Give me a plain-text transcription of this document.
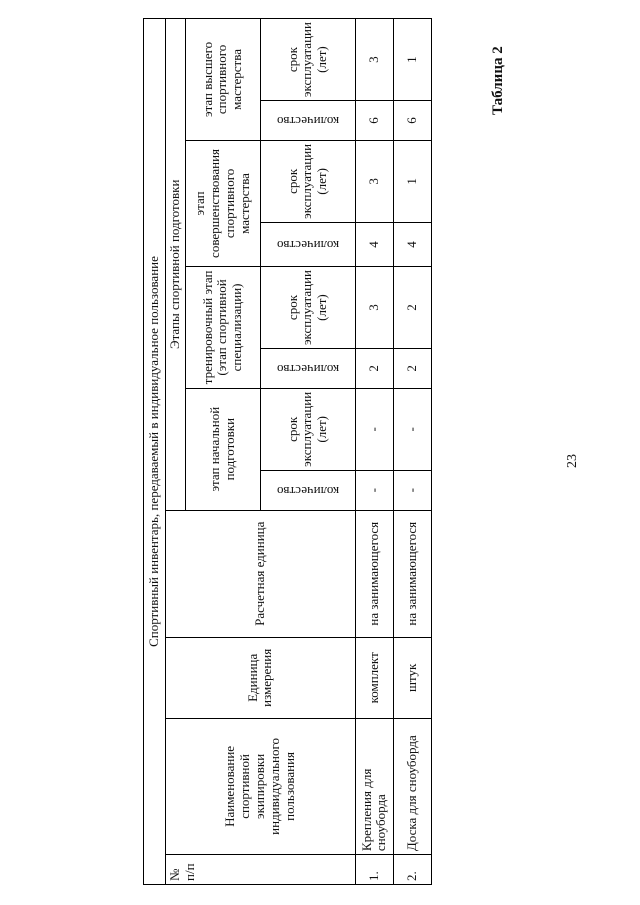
23
Таблица 2
Спортивный инвентарь, передаваемый в индивидуальное пользование											
№ п/п	Наименование спортивной экипировки индивидуального пользования	Единица измерения	Расчетная единица	Этапы спортивной подготовки							
				этап начальной подготовки		тренировочный этап (этап спортивной специализации)		этап совершенствования спортивного мастерства		этап высшего спортивного мастерства	

				количество	срок эксплуатации (лет)	количество	срок эксплуатации (лет)	количество	срок эксплуатации (лет)	количество	срок эксплуатации (лет)
1.	Крепления для сноуборда	комплект	на занимающегося	-	-	2	3	4	3	6	3
2.	Доска для сноуборда	штук	на занимающегося	-	-	2	2	4	1	6	1
